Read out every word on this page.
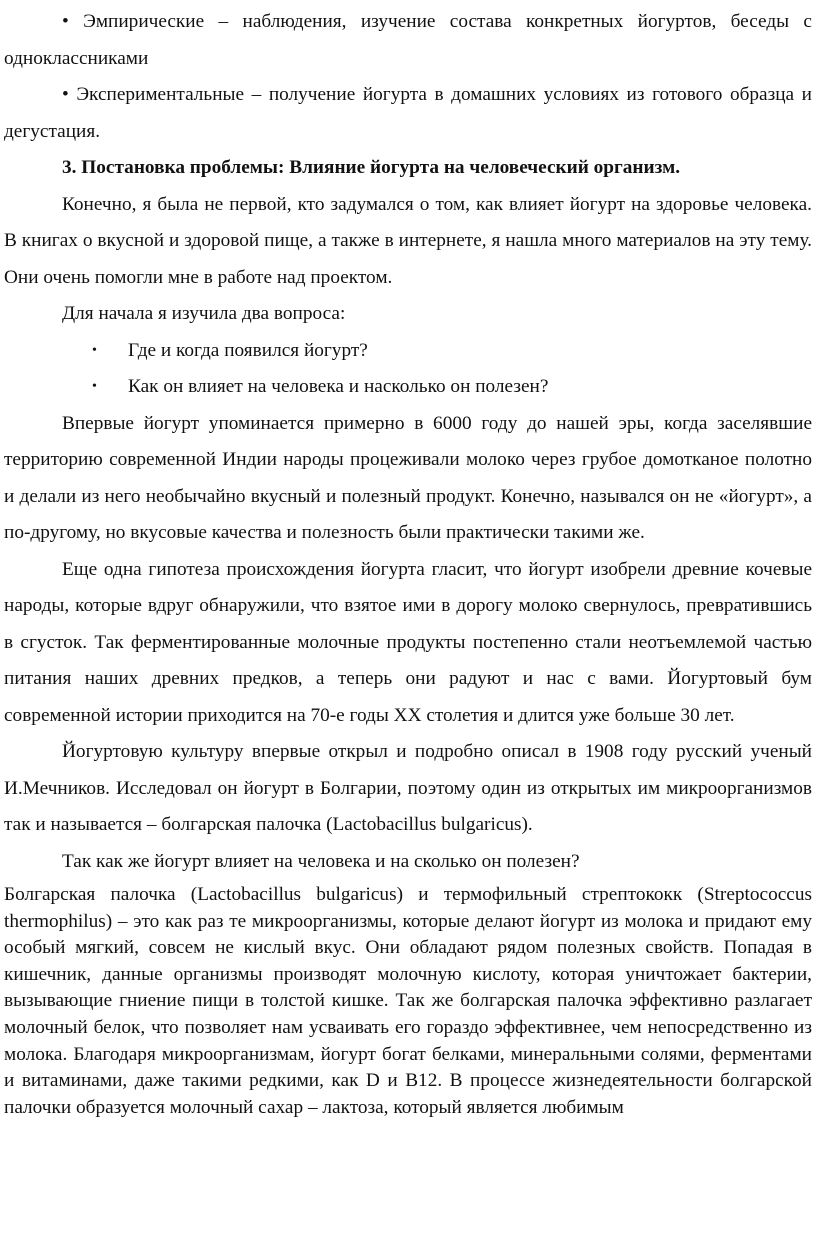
• Эмпирические – наблюдения, изучение состава конкретных йогуртов, беседы с одноклассниками

• Экспериментальные – получение йогурта в домашних условиях из готового образца и дегустация.

3. Постановка проблемы: Влияние йогурта на человеческий организм.

Конечно, я была не первой, кто задумался о том, как влияет йогурт на здоровье человека. В книгах о вкусной и здоровой пище, а также в интернете, я нашла много материалов на эту тему. Они очень помогли мне в работе над проектом.

Для начала я изучила два вопроса:

• Где и когда появился йогурт?
• Как он влияет на человека и насколько он полезен?

Впервые йогурт упоминается примерно в 6000 году до нашей эры, когда заселявшие территорию современной Индии народы процеживали молоко через грубое домотканое полотно и делали из него необычайно вкусный и полезный продукт. Конечно, назывался он не «йогурт», а по-другому, но вкусовые качества и полезность были практически такими же.

Еще одна гипотеза происхождения йогурта гласит, что йогурт изобрели древние кочевые народы, которые вдруг обнаружили, что взятое ими в дорогу молоко свернулось, превратившись в сгусток. Так ферментированные молочные продукты постепенно стали неотъемлемой частью питания наших древних предков, а теперь они радуют и нас с вами. Йогуртовый бум современной истории приходится на 70-е годы XX столетия и длится уже больше 30 лет.

Йогуртовую культуру впервые открыл и подробно описал в 1908 году русский ученый И.Мечников. Исследовал он йогурт в Болгарии, поэтому один из открытых им микроорганизмов так и называется – болгарская палочка (Lactobacillus bulgaricus).

Так как же йогурт влияет на человека и на сколько он полезен?

Болгарская палочка (Lactobacillus bulgaricus) и термофильный стрептококк (Streptococcus thermophilus) – это как раз те микроорганизмы, которые делают йогурт из молока и придают ему особый мягкий, совсем не кислый вкус. Они обладают рядом полезных свойств. Попадая в кишечник, данные организмы производят молочную кислоту, которая уничтожает бактерии, вызывающие гниение пищи в толстой кишке. Так же болгарская палочка эффективно разлагает молочный белок, что позволяет нам усваивать его гораздо эффективнее, чем непосредственно из молока. Благодаря микроорганизмам, йогурт богат белками, минеральными солями, ферментами и витаминами, даже такими редкими, как D и B12. В процессе жизнедеятельности болгарской палочки образуется молочный сахар – лактоза, который является любимым
